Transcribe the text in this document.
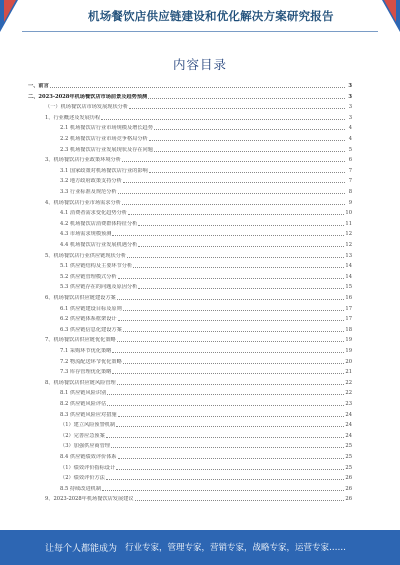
机场餐饮店供应链建设和优化解决方案研究报告
内容目录
一、前言	3
二、2023-2028年机场餐饮店市场前景及趋势预测	3
（一）机场餐饮店市场发展现状分析	3
1、行业概述及发展历程	3
2.1 机场餐饮店行业市场规模及增长趋势	4
2.2 机场餐饮店行业市场竞争格局分析	4
2.3 机场餐饮店行业发展现状及存在问题	5
3、机场餐饮店行业政策环境分析	6
3.1 国家政策对机场餐饮店行业的影响	7
3.2 地方政府政策支持分析	7
3.3 行业标准及规范分析	8
4、机场餐饮店行业市场需求分析	9
4.1 消费者需求变化趋势分析	10
4.2 机场餐饮店消费群体特征分析	11
4.3 市场需求规模预测	12
4.4 机场餐饮店行业发展机遇分析	12
5、机场餐饮店行业供应链现状分析	13
5.1 供应链结构及主要环节分析	14
5.2 供应链管理模式分析	14
5.3 供应链存在的问题及原因分析	15
6、机场餐饮店供应链建设方案	16
6.1 供应链建设目标及原则	17
6.2 供应链体系框架设计	17
6.3 供应链信息化建设方案	18
7、机场餐饮店供应链优化策略	19
7.1 采购环节优化策略	19
7.2 物流配送环节优化策略	20
7.3 库存管理优化策略	21
8、机场餐饮店供应链风险管理	22
8.1 供应链风险识别	22
8.2 供应链风险评估	23
8.3 供应链风险应对措施	24
（1）建立风险预警机制	24
（2）完善应急预案	24
（3）加强供应商管理	25
8.4 供应链绩效评价体系	25
（1）绩效评价指标设计	25
（2）绩效评价方法	26
8.5 持续改进机制	26
9、2023-2028年机场餐饮店发展建议	26
让每个人都能成为 行业专家，管理专家，营销专家，战略专家，运营专家……
